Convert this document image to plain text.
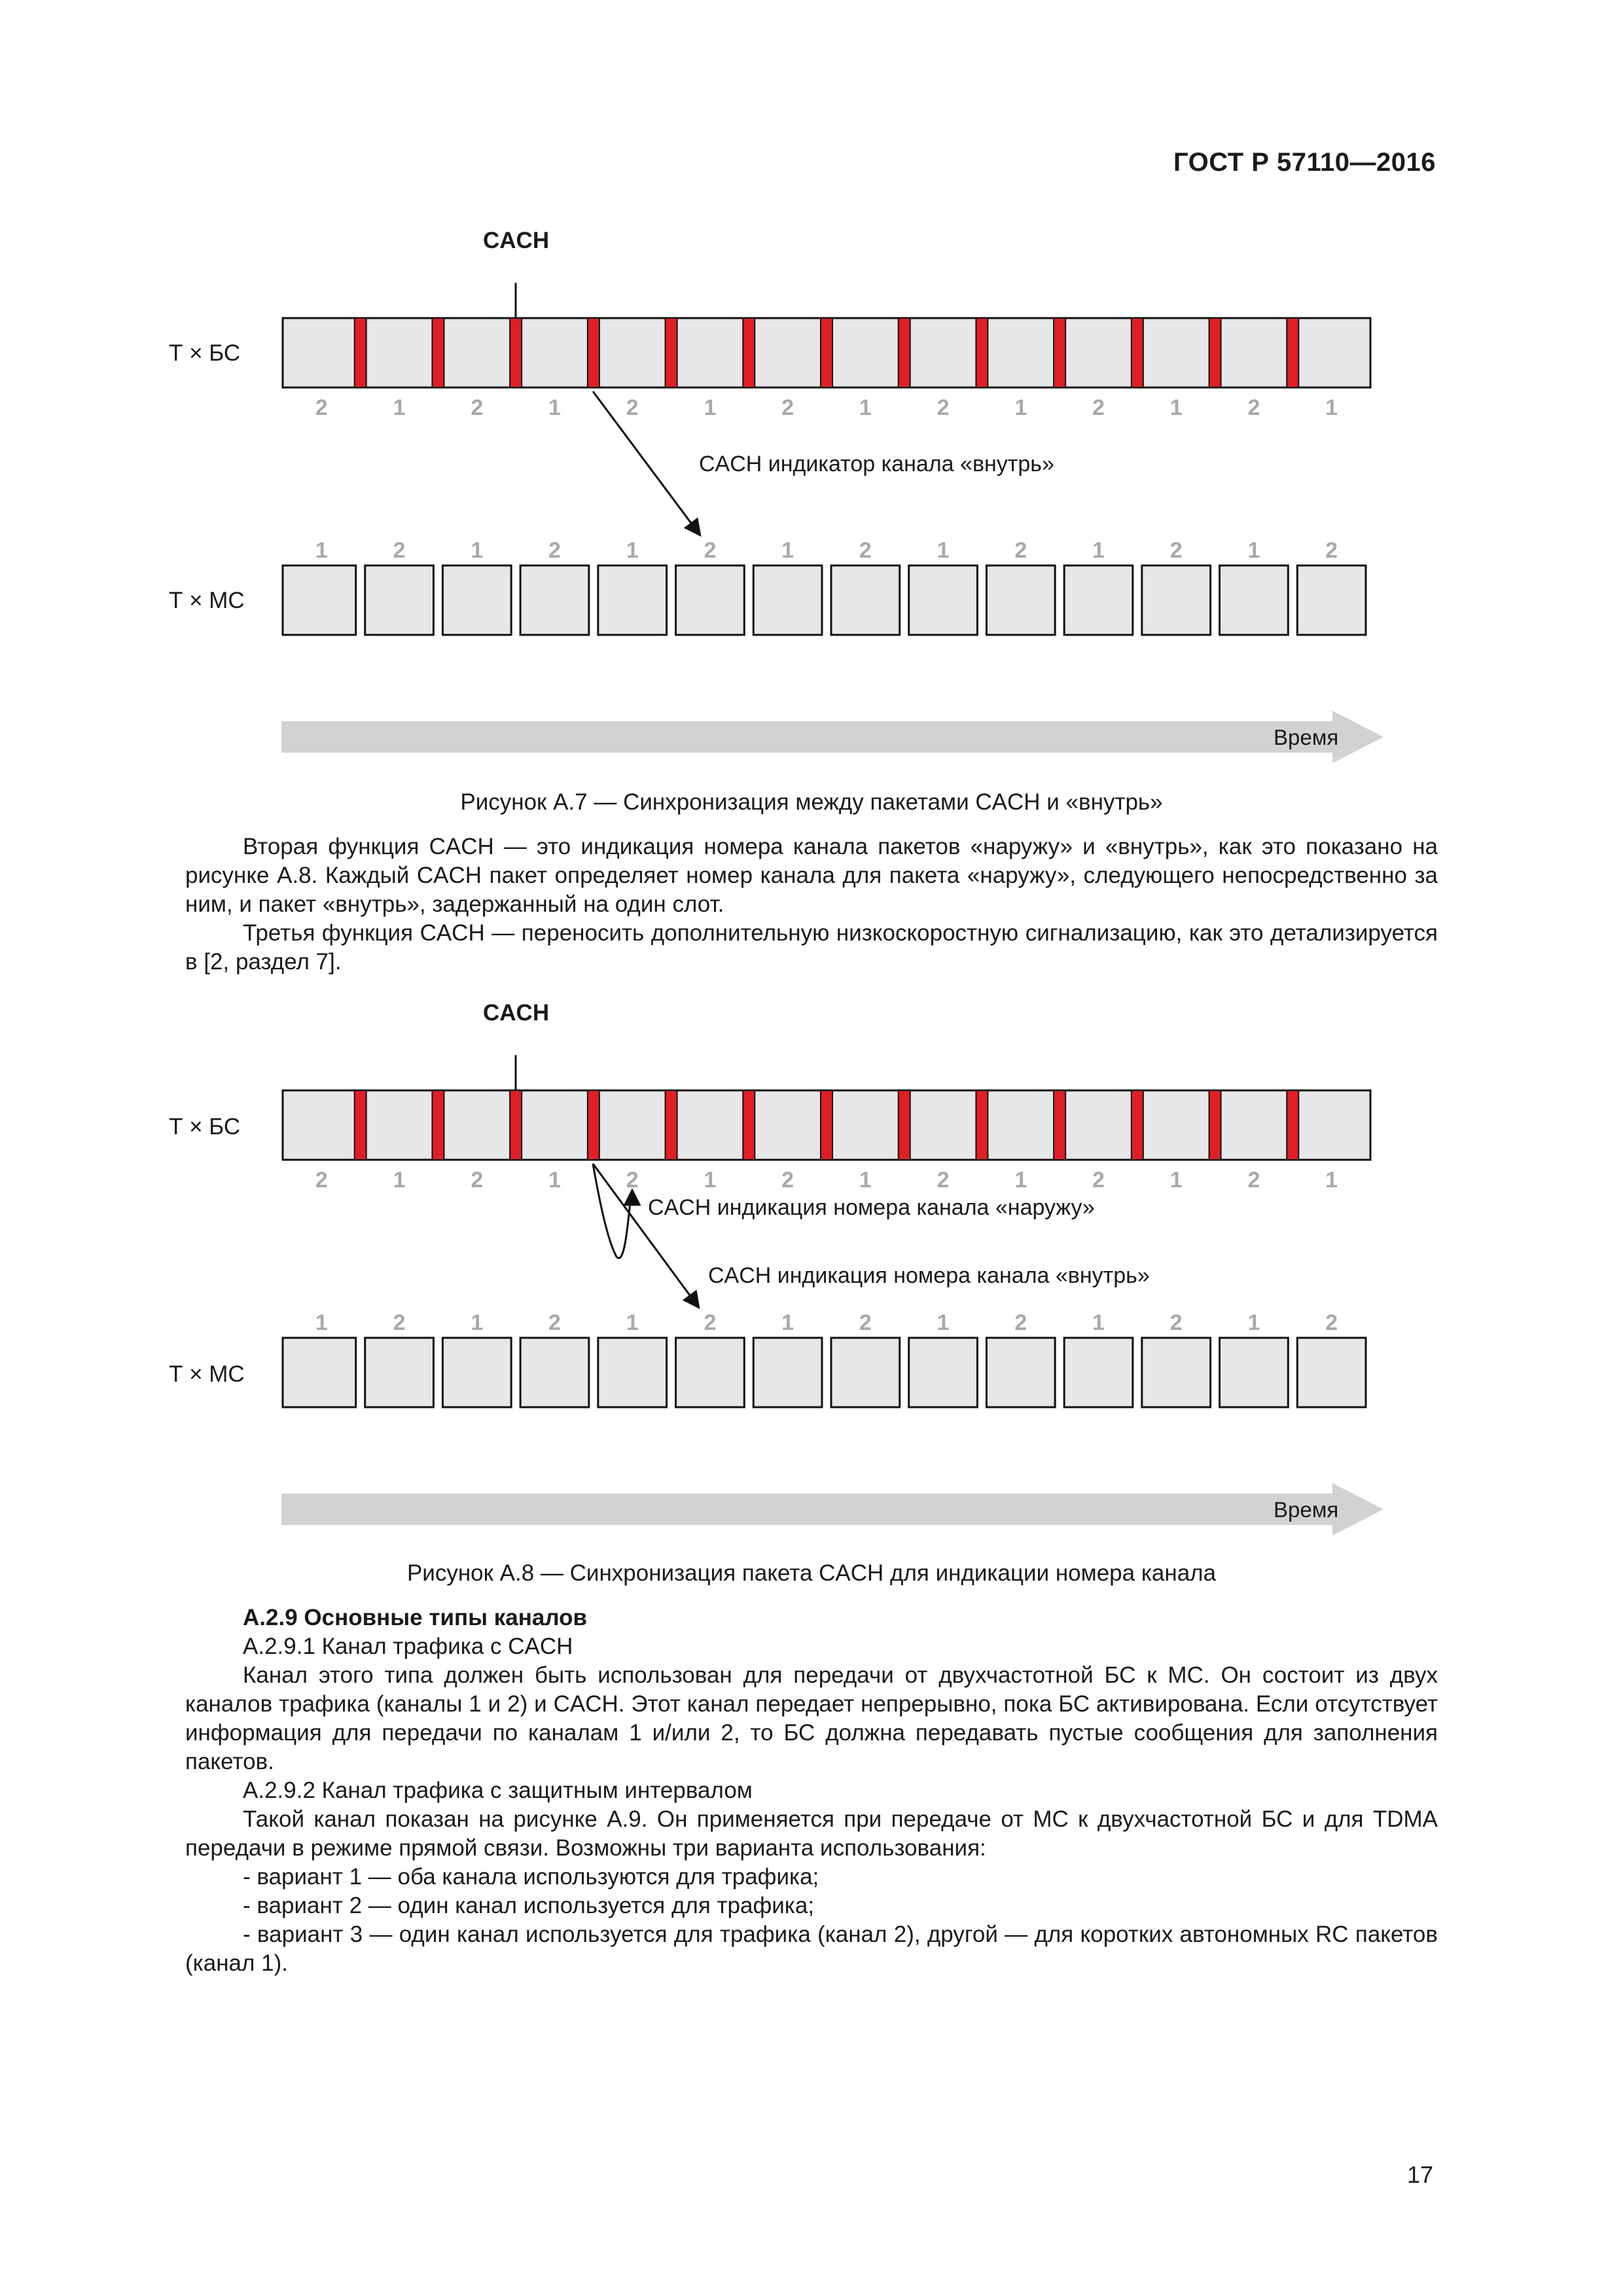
ГОСТ Р 57110—2016
2	1	2	1	2	1	2	1	2	1	2	1	2	1
1	2	1	2	1	2	1	2	1	2	1	2	1	2
CACH
Т × БС
Т × МС
CACH индикатор канала «внутрь»
Время
Рисунок А.7 — Синхронизация между пакетами CACH и «внутрь»

Вторая функция CACH — это индикация номера канала пакетов «наружу» и «внутрь», как это показано на рисунке А.8. Каждый CACH пакет определяет номер канала для пакета «наружу», следующего непосредственно за ним, и пакет «внутрь», задержанный на один слот.

Третья функция CACH — переносить дополнительную низкоскоростную сигнализацию, как это детализируется в [2, раздел 7].

2	1	2	1	2	1	2	1	2	1	2	1	2	1
1	2	1	2	1	2	1	2	1	2	1	2	1	2
CACH
Т × БС
Т × МС
CACH индикация номера канала «наружу»
CACH индикация номера канала «внутрь»
Время
Рисунок А.8 — Синхронизация пакета CACH для индикации номера канала

А.2.9 Основные типы каналов

А.2.9.1 Канал трафика с CACH

Канал этого типа должен быть использован для передачи от двухчастотной БС к МС. Он состоит из двух каналов трафика (каналы 1 и 2) и CACH. Этот канал передает непрерывно, пока БС активирована. Если отсутствует информация для передачи по каналам 1 и/или 2, то БС должна передавать пустые сообщения для заполнения пакетов.

А.2.9.2 Канал трафика с защитным интервалом

Такой канал показан на рисунке А.9. Он применяется при передаче от МС к двухчастотной БС и для TDMA передачи в режиме прямой связи. Возможны три варианта использования:

- вариант 1 — оба канала используются для трафика;

- вариант 2 — один канал используется для трафика;

- вариант 3 — один канал используется для трафика (канал 2), другой — для коротких автономных RC пакетов (канал 1).

17
